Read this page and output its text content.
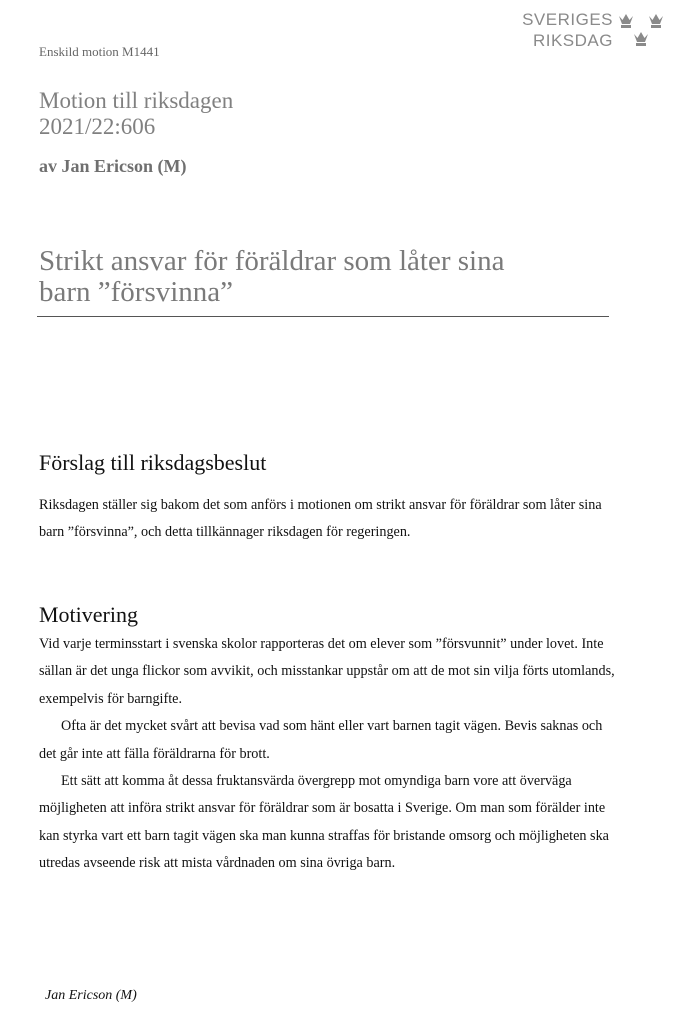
SVERIGES
RIKSDAG
Enskild motion M1441
Motion till riksdagen
2021/22:606
av Jan Ericson (M)
Strikt ansvar för föräldrar som låter sina
barn ”försvinna”
Förslag till riksdagsbeslut
Riksdagen ställer sig bakom det som anförs i motionen om strikt ansvar för föräldrar som låter sina barn ”försvinna”, och detta tillkännager riksdagen för regeringen.
Motivering
Vid varje terminsstart i svenska skolor rapporteras det om elever som ”försvunnit” under lovet. Inte sällan är det unga flickor som avvikit, och misstankar uppstår om att de mot sin vilja förts utomlands, exempelvis för barngifte.
Ofta är det mycket svårt att bevisa vad som hänt eller vart barnen tagit vägen. Bevis saknas och det går inte att fälla föräldrarna för brott.
Ett sätt att komma åt dessa fruktansvärda övergrepp mot omyndiga barn vore att överväga möjligheten att införa strikt ansvar för föräldrar som är bosatta i Sverige. Om man som förälder inte kan styrka vart ett barn tagit vägen ska man kunna straffas för bristande omsorg och möjligheten ska utredas avseende risk att mista vårdnaden om sina övriga barn.
Jan Ericson (M)
